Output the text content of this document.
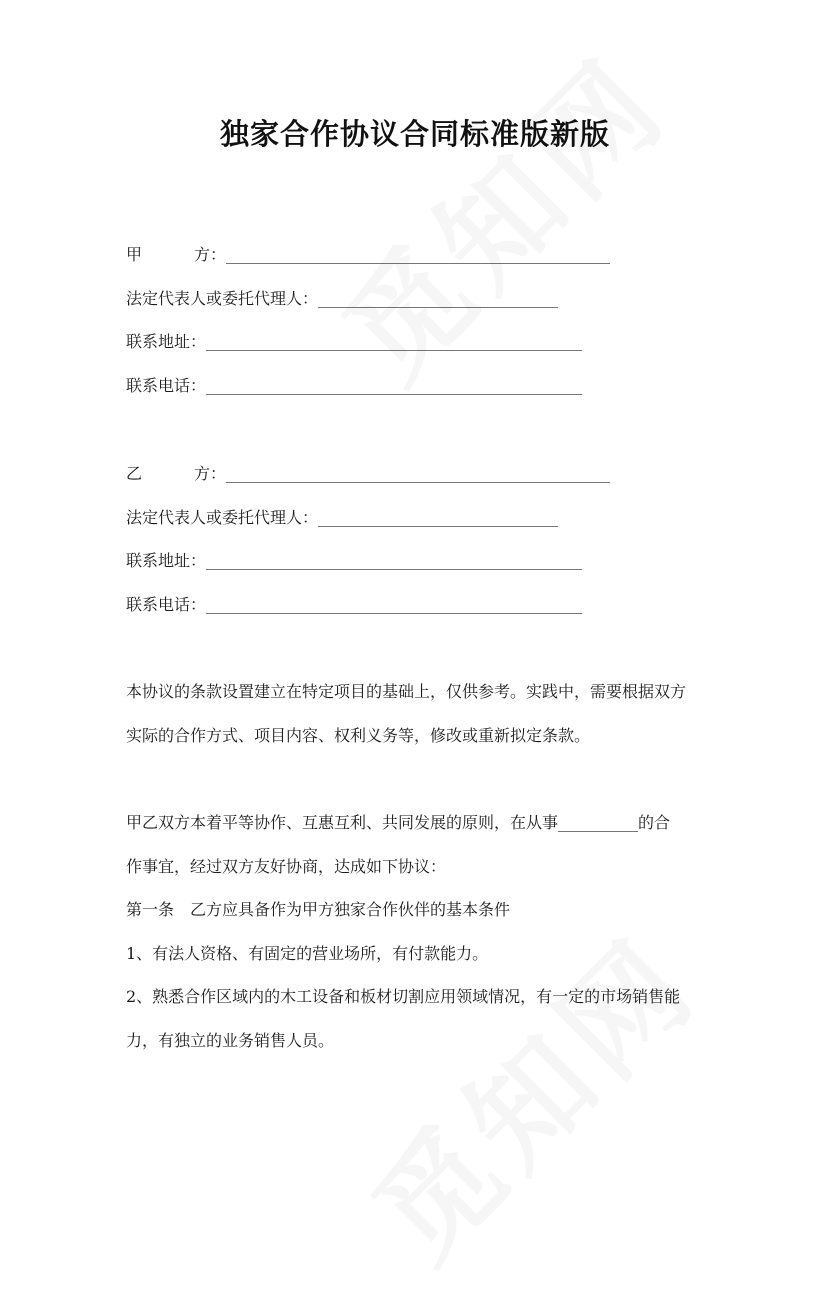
独家合作协议合同标准版新版
甲	方：________________________________________________
法定代表人或委托代理人：______________________________
联系地址：_______________________________________________
联系电话：_______________________________________________
乙	方：________________________________________________
法定代表人或委托代理人：______________________________
联系地址：_______________________________________________
联系电话：_______________________________________________
本协议的条款设置建立在特定项目的基础上，仅供参考。实践中，需要根据双方
实际的合作方式、项目内容、权利义务等，修改或重新拟定条款。
甲乙双方本着平等协作、互惠互利、共同发展的原则，在从事__________的合
作事宜，经过双方友好协商，达成如下协议：
第一条　乙方应具备作为甲方独家合作伙伴的基本条件
1、有法人资格、有固定的营业场所，有付款能力。
2、熟悉合作区域内的木工设备和板材切割应用领域情况，有一定的市场销售能
力，有独立的业务销售人员。
